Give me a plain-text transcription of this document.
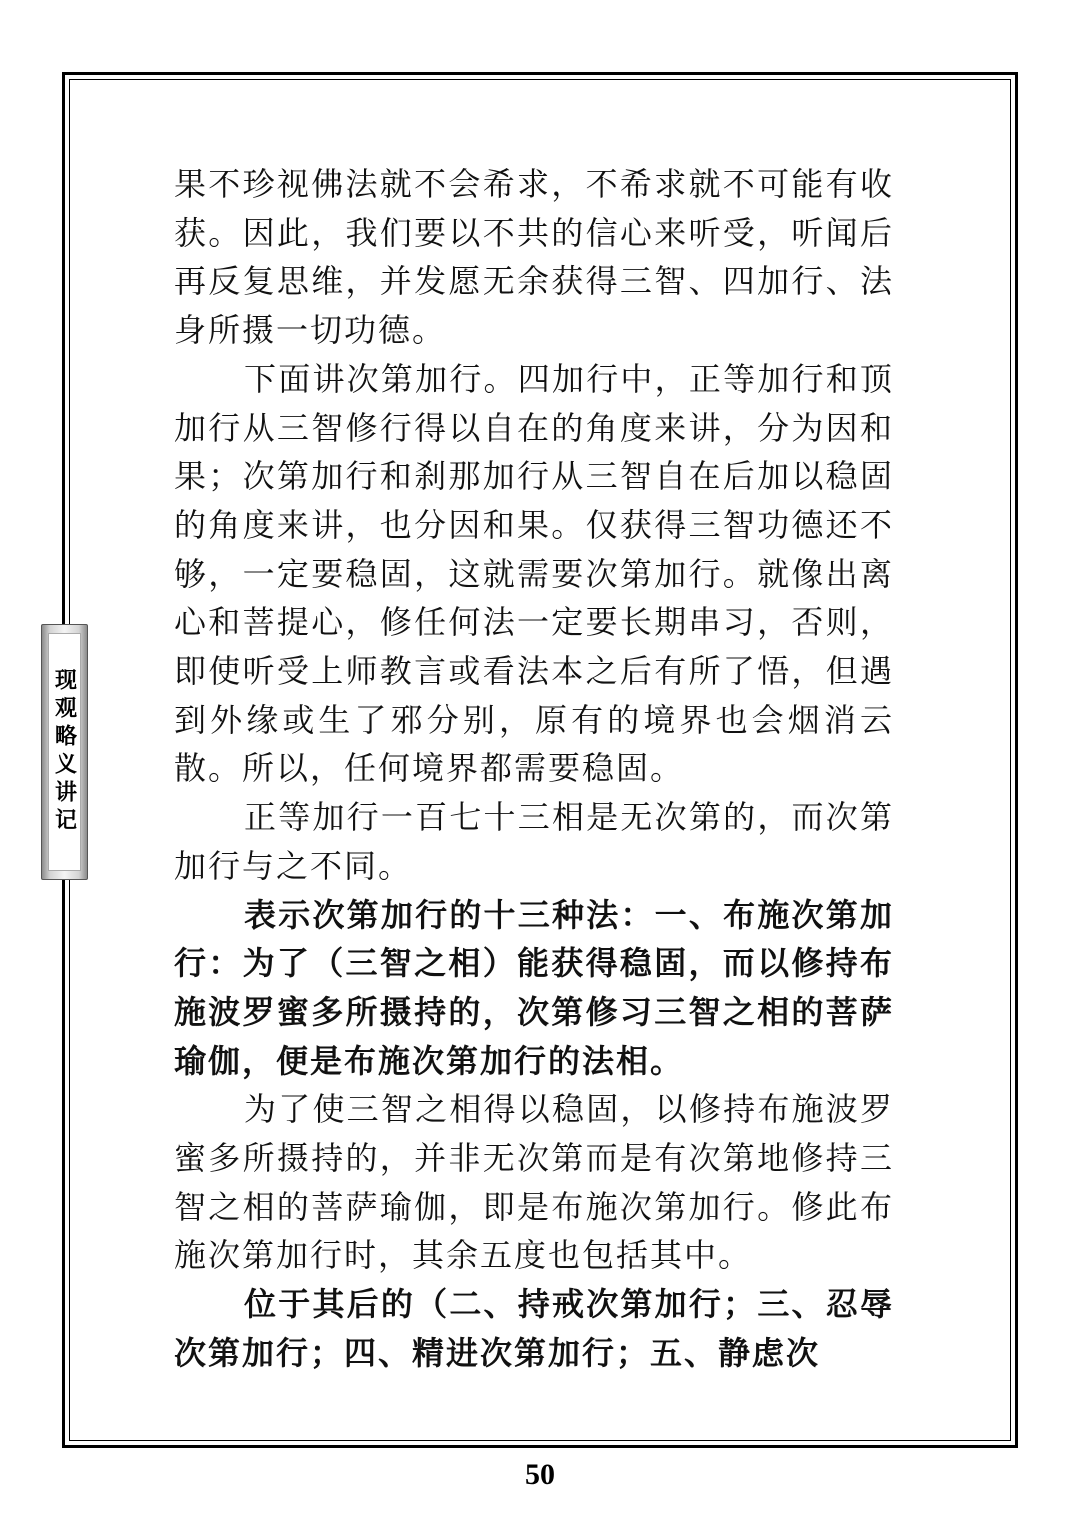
现观略义讲记

果不珍视佛法就不会希求，不希求就不可能有收获。因此，我们要以不共的信心来听受，听闻后再反复思维，并发愿无余获得三智、四加行、法身所摄一切功德。

下面讲次第加行。四加行中，正等加行和顶加行从三智修行得以自在的角度来讲，分为因和果；次第加行和刹那加行从三智自在后加以稳固的角度来讲，也分因和果。仅获得三智功德还不够，一定要稳固，这就需要次第加行。就像出离心和菩提心，修任何法一定要长期串习，否则，即使听受上师教言或看法本之后有所了悟，但遇到外缘或生了邪分别，原有的境界也会烟消云散。所以，任何境界都需要稳固。

正等加行一百七十三相是无次第的，而次第加行与之不同。

表示次第加行的十三种法：一、布施次第加行：为了（三智之相）能获得稳固，而以修持布施波罗蜜多所摄持的，次第修习三智之相的菩萨瑜伽，便是布施次第加行的法相。

为了使三智之相得以稳固，以修持布施波罗蜜多所摄持的，并非无次第而是有次第地修持三智之相的菩萨瑜伽，即是布施次第加行。修此布施次第加行时，其余五度也包括其中。

位于其后的（二、持戒次第加行；三、忍辱次第加行；四、精进次第加行；五、静虑次

50
